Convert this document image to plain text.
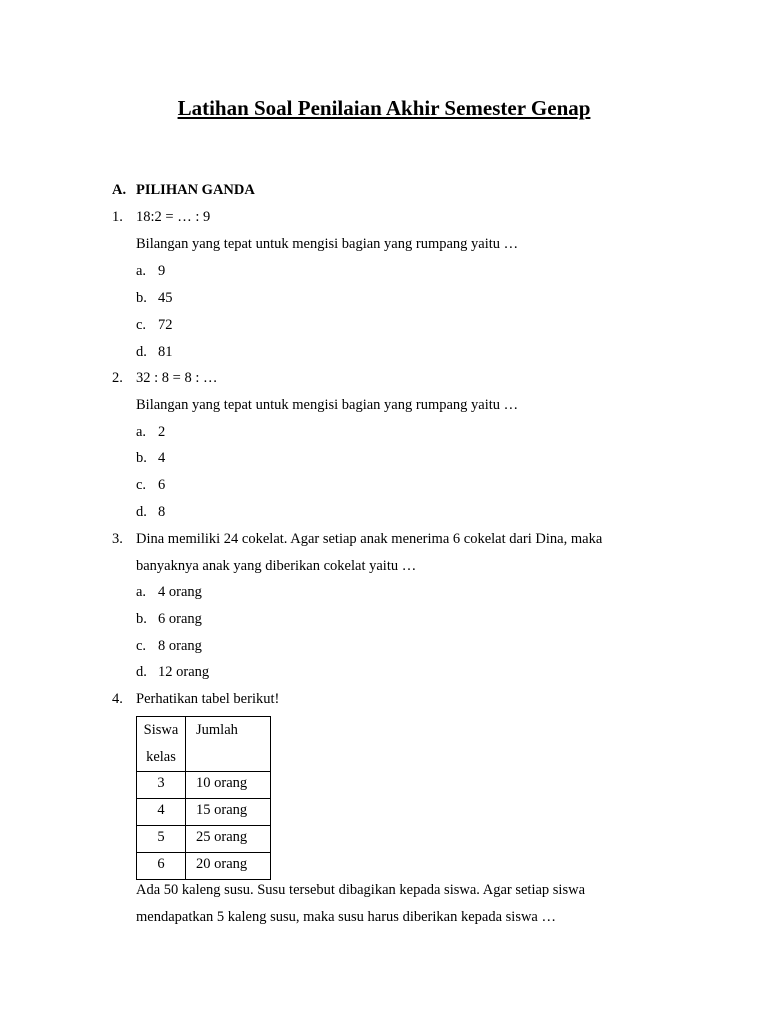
Latihan Soal Penilaian Akhir Semester Genap
A. PILIHAN GANDA
1. 18:2 = … : 9
Bilangan yang tepat untuk mengisi bagian yang rumpang yaitu …
a. 9
b. 45
c. 72
d. 81
2. 32 : 8 = 8 : …
Bilangan yang tepat untuk mengisi bagian yang rumpang yaitu …
a. 2
b. 4
c. 6
d. 8
3. Dina memiliki 24 cokelat. Agar setiap anak menerima 6 cokelat dari Dina, maka
banyaknya anak yang diberikan cokelat yaitu …
a. 4 orang
b. 6 orang
c. 8 orang
d. 12 orang
4. Perhatikan tabel berikut!
Siswa
kelas	Jumlah
3	10 orang
4	15 orang
5	25 orang
6	20 orang
Ada 50 kaleng susu. Susu tersebut dibagikan kepada siswa. Agar setiap siswa
mendapatkan 5 kaleng susu, maka susu harus diberikan kepada siswa …
